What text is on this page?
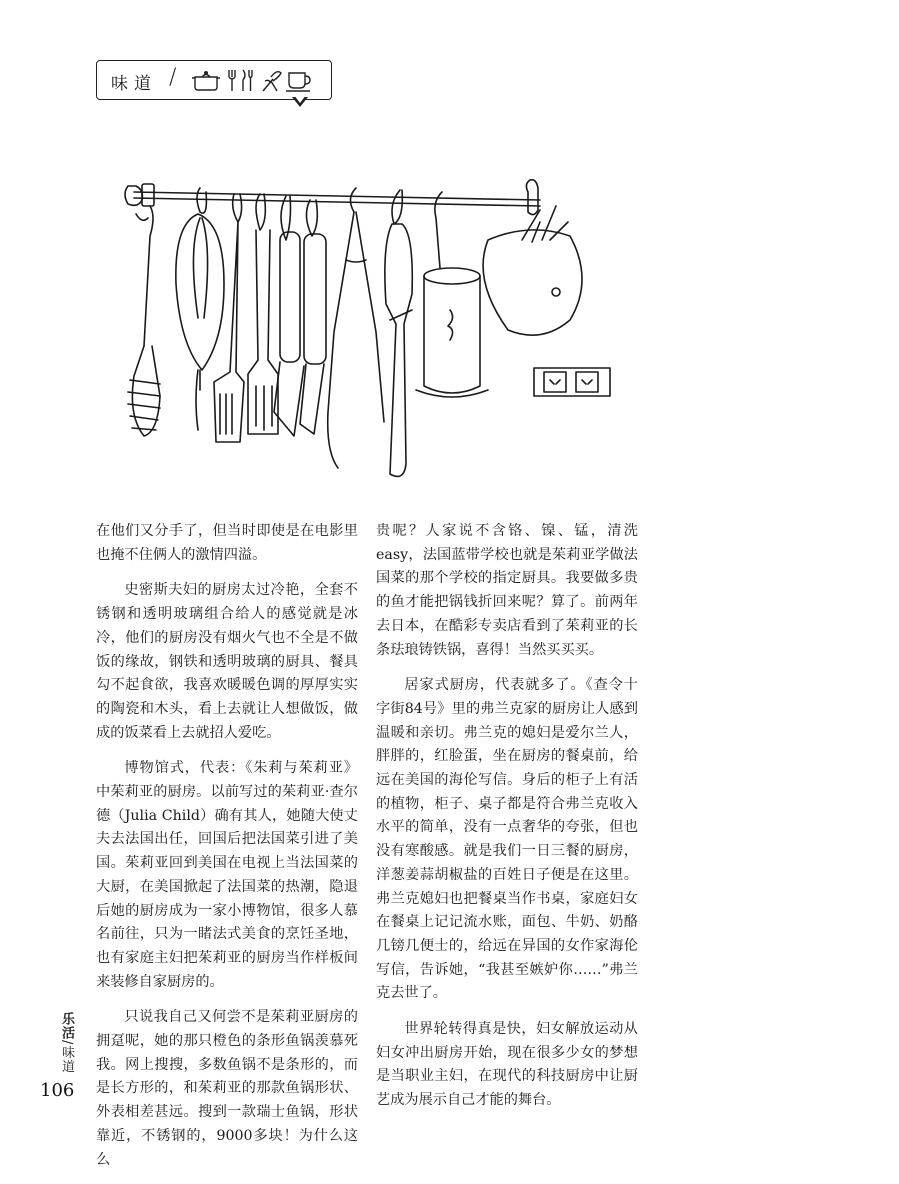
味道 /

在他们又分手了，但当时即使是在电影里也掩不住俩人的激情四溢。

史密斯夫妇的厨房太过冷艳，全套不锈钢和透明玻璃组合给人的感觉就是冰冷，他们的厨房没有烟火气也不全是不做饭的缘故，钢铁和透明玻璃的厨具、餐具勾不起食欲，我喜欢暖暖色调的厚厚实实的陶瓷和木头，看上去就让人想做饭，做成的饭菜看上去就招人爱吃。

博物馆式，代表：《朱莉与茱莉亚》中茱莉亚的厨房。以前写过的茱莉亚·查尔德（Julia Child）确有其人，她随大使丈夫去法国出任，回国后把法国菜引进了美国。茱莉亚回到美国在电视上当法国菜的大厨，在美国掀起了法国菜的热潮，隐退后她的厨房成为一家小博物馆，很多人慕名前往，只为一睹法式美食的烹饪圣地，也有家庭主妇把茱莉亚的厨房当作样板间来装修自家厨房的。

只说我自己又何尝不是茱莉亚厨房的拥趸呢，她的那只橙色的条形鱼锅羡慕死我。网上搜搜，多数鱼锅不是条形的，而是长方形的，和茱莉亚的那款鱼锅形状、外表相差甚远。搜到一款瑞士鱼锅，形状靠近，不锈钢的，9000多块！为什么这么

贵呢？人家说不含铬、镍、锰，清洗easy，法国蓝带学校也就是茱莉亚学做法国菜的那个学校的指定厨具。我要做多贵的鱼才能把锅钱折回来呢？算了。前两年去日本，在酷彩专卖店看到了茱莉亚的长条珐琅铸铁锅，喜得！当然买买买。

居家式厨房，代表就多了。《查令十字街84号》里的弗兰克家的厨房让人感到温暖和亲切。弗兰克的媳妇是爱尔兰人，胖胖的，红脸蛋，坐在厨房的餐桌前，给远在美国的海伦写信。身后的柜子上有活的植物，柜子、桌子都是符合弗兰克收入水平的简单，没有一点奢华的夸张，但也没有寒酸感。就是我们一日三餐的厨房，洋葱姜蒜胡椒盐的百姓日子便是在这里。弗兰克媳妇也把餐桌当作书桌，家庭妇女在餐桌上记记流水账，面包、牛奶、奶酪几镑几便士的，给远在异国的女作家海伦写信，告诉她，“我甚至嫉妒你……”弗兰克去世了。

世界轮转得真是快，妇女解放运动从妇女冲出厨房开始，现在很多少女的梦想是当职业主妇，在现代的科技厨房中让厨艺成为展示自己才能的舞台。

乐活/味道
106
